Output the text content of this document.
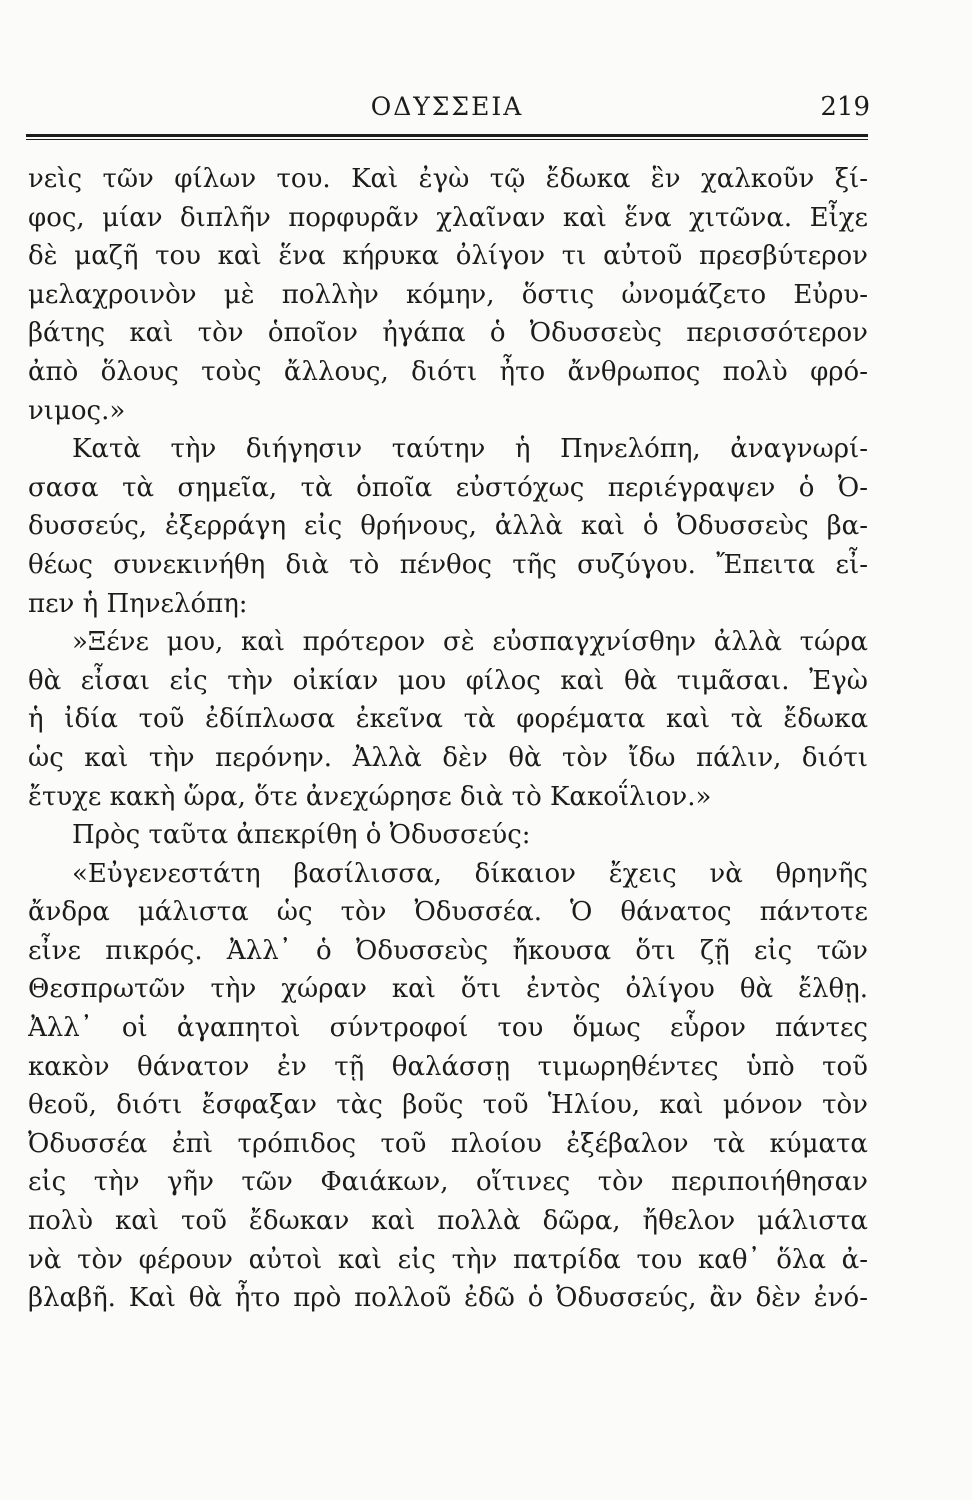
ΟΔΥΣΣΕΙΑ	219
νεὶς τῶν φίλων του. Καὶ ἐγὼ τῷ ἔδωκα ἓν χαλκοῦν ξί-
φος, μίαν διπλῆν πορφυρᾶν χλαῖναν καὶ ἕνα χιτῶνα. Εἶχε
δὲ μαζῆ του καὶ ἕνα κήρυκα ὀλίγον τι αὐτοῦ πρεσβύτερον
μελαχροινὸν μὲ πολλὴν κόμην, ὅστις ὠνομάζετο Εὐρυ-
βάτης καὶ τὸν ὁποῖον ἠγάπα ὁ Ὀδυσσεὺς περισσότερον
ἀπὸ ὅλους τοὺς ἄλλους, διότι ἦτο ἄνθρωπος πολὺ φρό-
νιμος.»
Κατὰ τὴν διήγησιν ταύτην ἡ Πηνελόπη, ἀναγνωρί-
σασα τὰ σημεῖα, τὰ ὁποῖα εὐστόχως περιέγραψεν ὁ Ὀ-
δυσσεύς, ἐξερράγη εἰς θρήνους, ἀλλὰ καὶ ὁ Ὀδυσσεὺς βα-
θέως συνεκινήθη διὰ τὸ πένθος τῆς συζύγου. Ἔπειτα εἶ-
πεν ἡ Πηνελόπη:
»Ξένε μου, καὶ πρότερον σὲ εὐσπαγχνίσθην ἀλλὰ τώρα
θὰ εἶσαι εἰς τὴν οἰκίαν μου φίλος καὶ θὰ τιμᾶσαι. Ἐγὼ
ἡ ἰδία τοῦ ἐδίπλωσα ἐκεῖνα τὰ φορέματα καὶ τὰ ἔδωκα
ὡς καὶ τὴν περόνην. Ἀλλὰ δὲν θὰ τὸν ἴδω πάλιν, διότι
ἔτυχε κακὴ ὥρα, ὅτε ἀνεχώρησε διὰ τὸ Κακοΐλιον.»
Πρὸς ταῦτα ἀπεκρίθη ὁ Ὀδυσσεύς:
«Εὐγενεστάτη βασίλισσα, δίκαιον ἔχεις νὰ θρηνῆς
ἄνδρα μάλιστα ὡς τὸν Ὀδυσσέα. Ὁ θάνατος πάντοτε
εἶνε πικρός. Ἀλλ᾽ ὁ Ὀδυσσεὺς ἤκουσα ὅτι ζῇ εἰς τῶν
Θεσπρωτῶν τὴν χώραν καὶ ὅτι ἐντὸς ὀλίγου θὰ ἔλθῃ.
Ἀλλ᾽ οἱ ἀγαπητοὶ σύντροφοί του ὅμως εὗρον πάντες
κακὸν θάνατον ἐν τῇ θαλάσσῃ τιμωρηθέντες ὑπὸ τοῦ
θεοῦ, διότι ἔσφαξαν τὰς βοῦς τοῦ Ἡλίου, καὶ μόνον τὸν
Ὀδυσσέα ἐπὶ τρόπιδος τοῦ πλοίου ἐξέβαλον τὰ κύματα
εἰς τὴν γῆν τῶν Φαιάκων, οἵτινες τὸν περιποιήθησαν
πολὺ καὶ τοῦ ἔδωκαν καὶ πολλὰ δῶρα, ἤθελον μάλιστα
νὰ τὸν φέρουν αὐτοὶ καὶ εἰς τὴν πατρίδα του καθ᾽ ὅλα ἀ-
βλαβῆ. Καὶ θὰ ἦτο πρὸ πολλοῦ ἐδῶ ὁ Ὀδυσσεύς, ἂν δὲν ἐνό-
